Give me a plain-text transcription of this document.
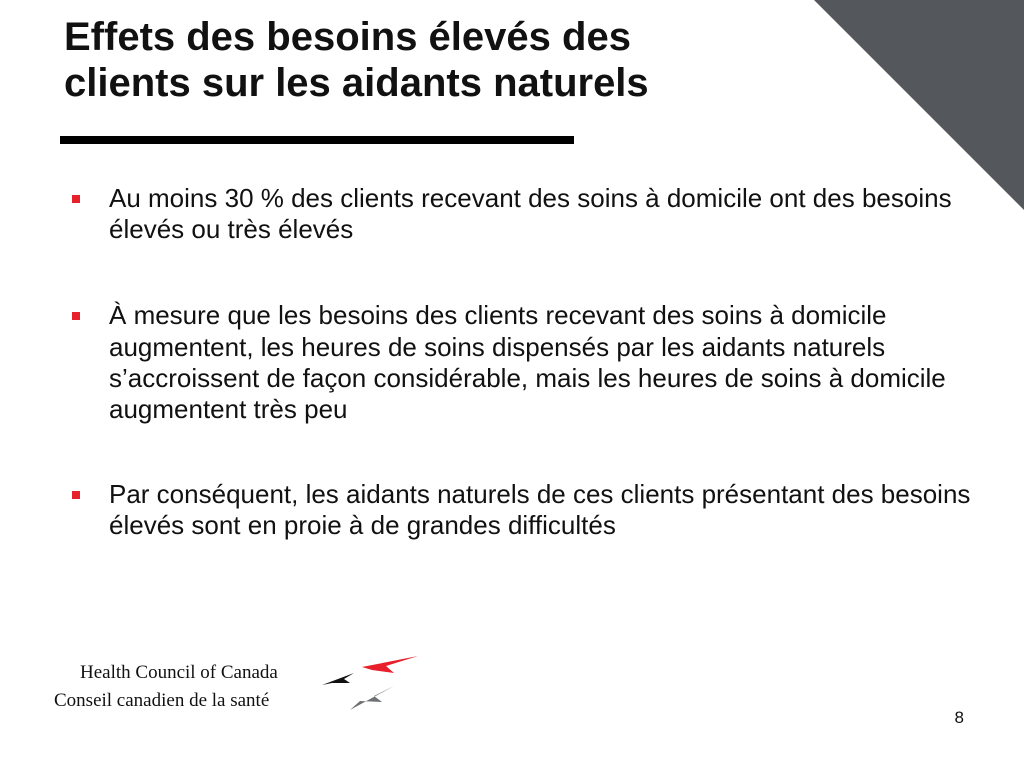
Effets des besoins élevés des
clients sur les aidants naturels
Au moins 30 % des clients recevant des soins à domicile ont des besoins élevés ou très élevés
À mesure que les besoins des clients recevant des soins à domicile augmentent, les heures de soins dispensés par les aidants naturels s’accroissent de façon considérable, mais les heures de soins à domicile augmentent très peu
Par conséquent, les aidants naturels de ces clients présentant des besoins élevés sont en proie à de grandes difficultés
Health Council of Canada
Conseil canadien de la santé
8
